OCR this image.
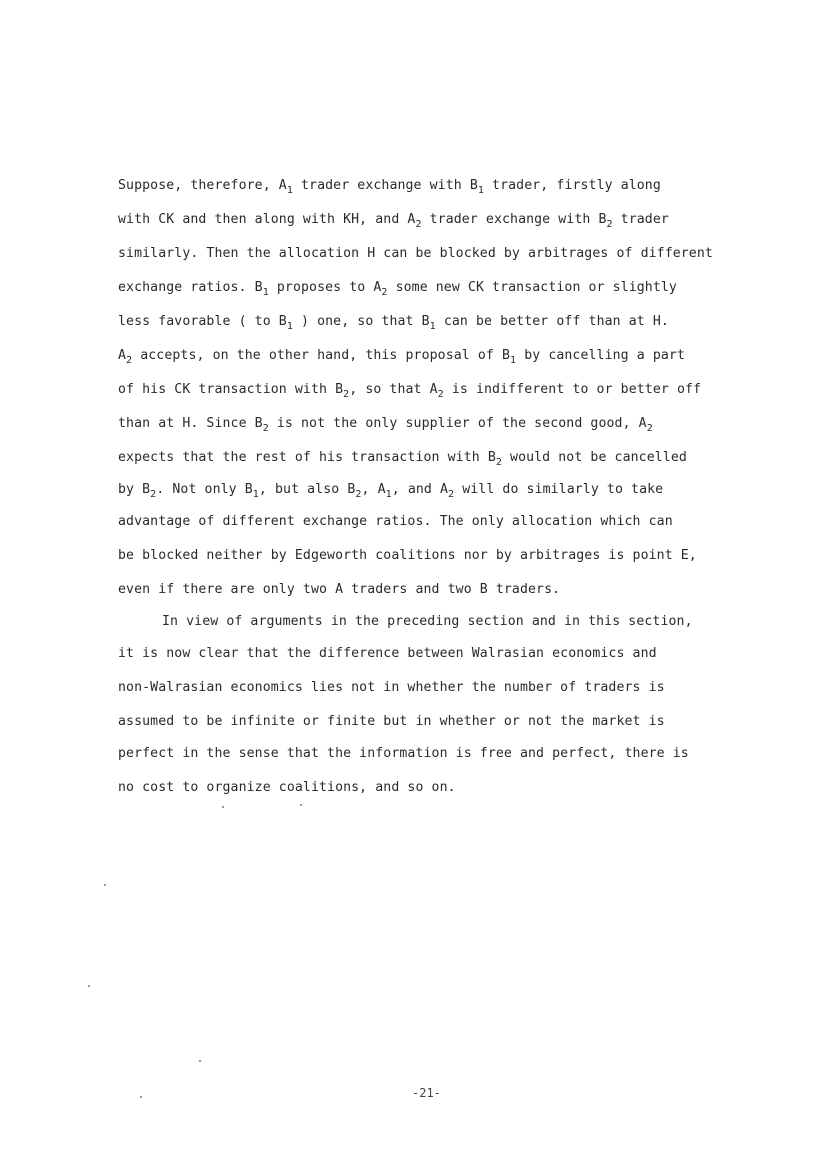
Suppose, therefore, $A_1$ trader exchange with $B_1$ trader, firstly along
with CK and then along with KH, and $A_2$ trader exchange with $B_2$ trader
similarly. Then the allocation H can be blocked by arbitrages of different
exchange ratios. $B_1$ proposes to $A_2$ some new CK transaction or slightly
less favorable ( to $B_1$ ) one, so that $B_1$ can be better off than at H.
$A_2$ accepts, on the other hand, this proposal of $B_1$ by cancelling a part
of his CK transaction with $B_2$, so that $A_2$ is indifferent to or better off
than at H. Since $B_2$ is not the only supplier of the second good, $A_2$
expects that the rest of his transaction with $B_2$ would not be cancelled
by $B_2$. Not only $B_1$, but also $B_2$, $A_1$, and $A_2$ will do similarly to take
advantage of different exchange ratios. The only allocation which can
be blocked neither by Edgeworth coalitions nor by arbitrages is point E,
even if there are only two A traders and two B traders.
In view of arguments in the preceding section and in this section,
it is now clear that the difference between Walrasian economics and
non-Walrasian economics lies not in whether the number of traders is
assumed to be infinite or finite but in whether or not the market is
perfect in the sense that the information is free and perfect, there is
no cost to organize coalitions, and so on.
-21-
